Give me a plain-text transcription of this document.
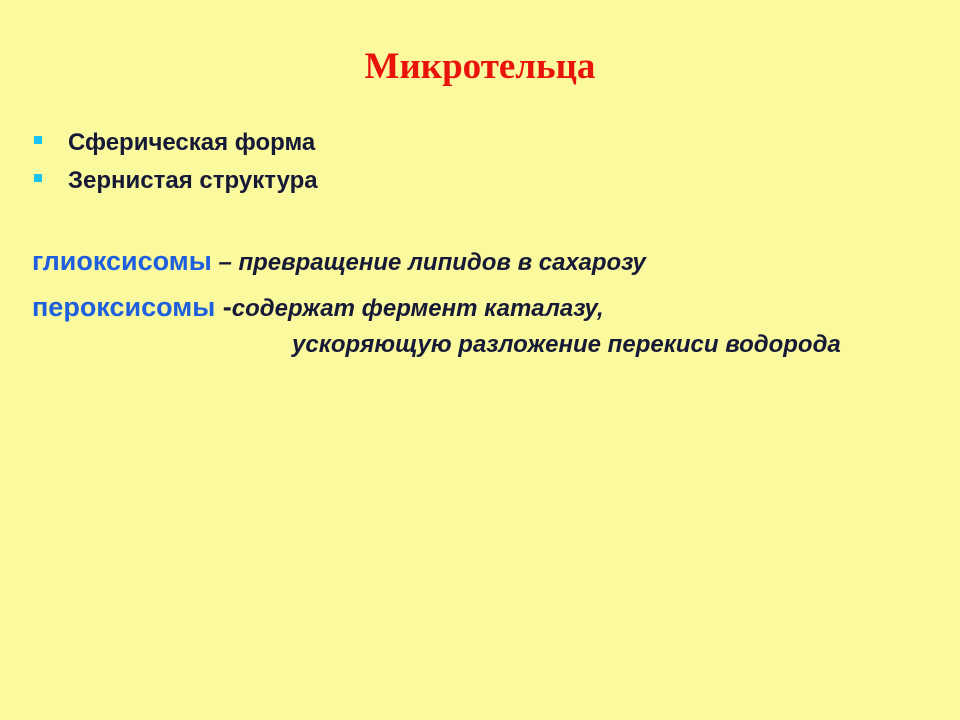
Микротельца
Сферическая форма
Зернистая структура
глиоксисомы – превращение липидов в сахарозу
пероксисомы -содержат фермент каталазу,
ускоряющую разложение перекиси водорода
